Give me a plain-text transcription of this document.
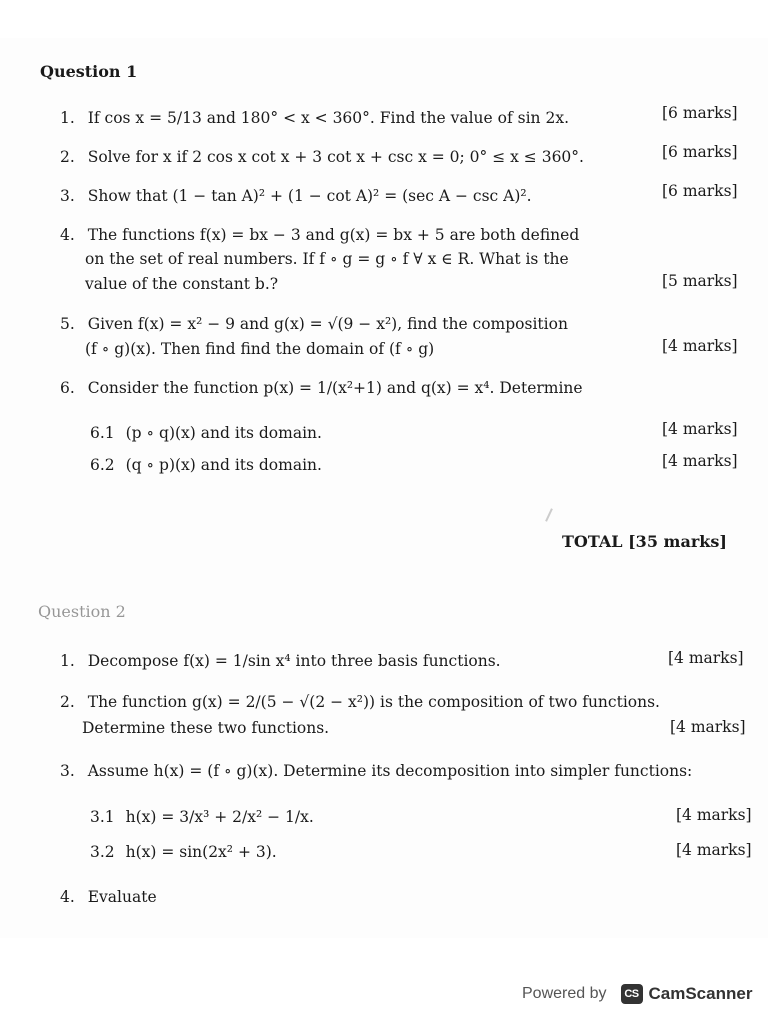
Question 1
1. If cos x = 5/13 and 180° < x < 360°. Find the value of sin 2x.	[6 marks]
2. Solve for x if 2 cos x cot x + 3 cot x + csc x = 0; 0° ≤ x ≤ 360°.	[6 marks]
3. Show that (1 − tan A)² + (1 − cot A)² = (sec A − csc A)².	[6 marks]
4. The functions f(x) = bx − 3 and g(x) = bx + 5 are both defined
on the set of real numbers. If f ∘ g = g ∘ f ∀ x ∈ R. What is the
value of the constant b.?	[5 marks]
5. Given f(x) = x² − 9 and g(x) = √(9 − x²), find the composition
(f ∘ g)(x). Then find find the domain of (f ∘ g)	[4 marks]
6. Consider the function p(x) = 1/(x²+1) and q(x) = x⁴. Determine
6.1 (p ∘ q)(x) and its domain.	[4 marks]
6.2 (q ∘ p)(x) and its domain.	[4 marks]
TOTAL [35 marks]
Question 2
1. Decompose f(x) = 1/sin x⁴ into three basis functions.	[4 marks]
2. The function g(x) = 2/(5 − √(2 − x²)) is the composition of two functions.
Determine these two functions.	[4 marks]
3. Assume h(x) = (f ∘ g)(x). Determine its decomposition into simpler functions:
3.1 h(x) = 3/x³ + 2/x² − 1/x.	[4 marks]
3.2 h(x) = sin(2x² + 3).	[4 marks]
4. Evaluate
Powered by	CS CamScanner
